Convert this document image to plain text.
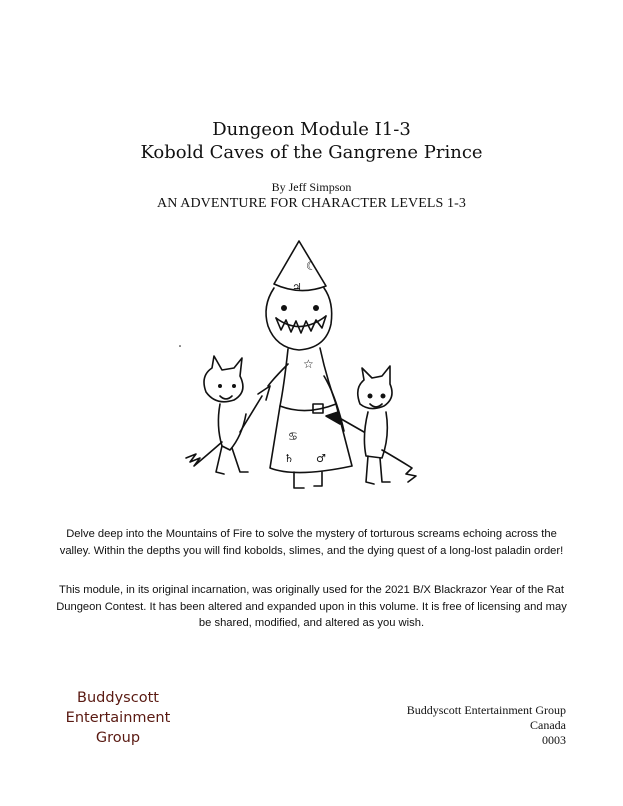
Dungeon Module I1-3
Kobold Caves of the Gangrene Prince
By Jeff Simpson
AN ADVENTURE FOR CHARACTER LEVELS 1-3
☾
♃
☆
♋
♄ ♂
Delve deep into the Mountains of Fire to solve the mystery of torturous screams echoing across the valley. Within the depths you will find kobolds, slimes, and the dying quest of a long-lost paladin order!
This module, in its original incarnation, was originally used for the 2021 B/X Blackrazor Year of the Rat Dungeon Contest. It has been altered and expanded upon in this volume. It is free of licensing and may be shared, modified, and altered as you wish.
Buddyscott
Entertainment
Group
Buddyscott Entertainment Group
Canada
0003
